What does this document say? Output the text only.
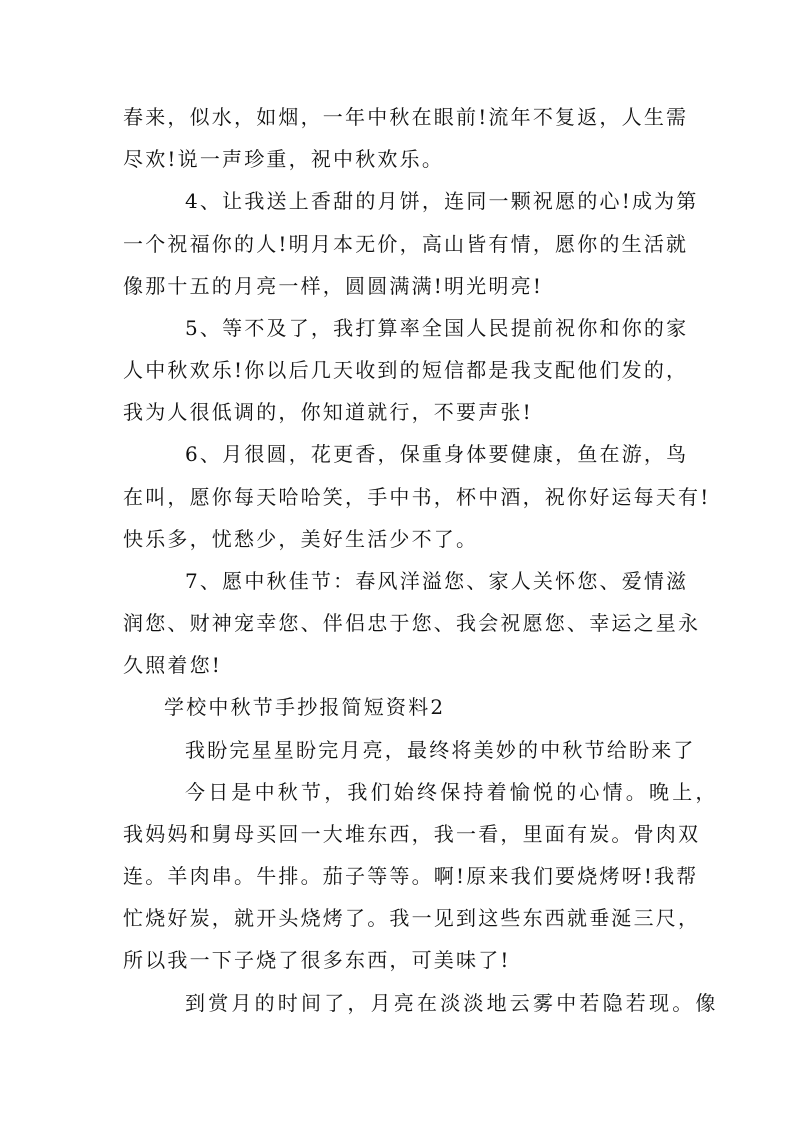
春来，似水，如烟，一年中秋在眼前!流年不复返，人生需
尽欢!说一声珍重，祝中秋欢乐。
4、让我送上香甜的月饼，连同一颗祝愿的心!成为第
一个祝福你的人!明月本无价，高山皆有情，愿你的生活就
像那十五的月亮一样，圆圆满满!明光明亮!
5、等不及了，我打算率全国人民提前祝你和你的家
人中秋欢乐!你以后几天收到的短信都是我支配他们发的，
我为人很低调的，你知道就行，不要声张!
6、月很圆，花更香，保重身体要健康，鱼在游，鸟
在叫，愿你每天哈哈笑，手中书，杯中酒，祝你好运每天有!
快乐多，忧愁少，美好生活少不了。
7、愿中秋佳节：春风洋溢您、家人关怀您、爱情滋
润您、财神宠幸您、伴侣忠于您、我会祝愿您、幸运之星永
久照着您!
学校中秋节手抄报简短资料2
我盼完星星盼完月亮，最终将美妙的中秋节给盼来了
今日是中秋节，我们始终保持着愉悦的心情。晚上，
我妈妈和舅母买回一大堆东西，我一看，里面有炭。骨肉双
连。羊肉串。牛排。茄子等等。啊!原来我们要烧烤呀!我帮
忙烧好炭，就开头烧烤了。我一见到这些东西就垂涎三尺，
所以我一下子烧了很多东西，可美味了!
到赏月的时间了，月亮在淡淡地云雾中若隐若现。像
